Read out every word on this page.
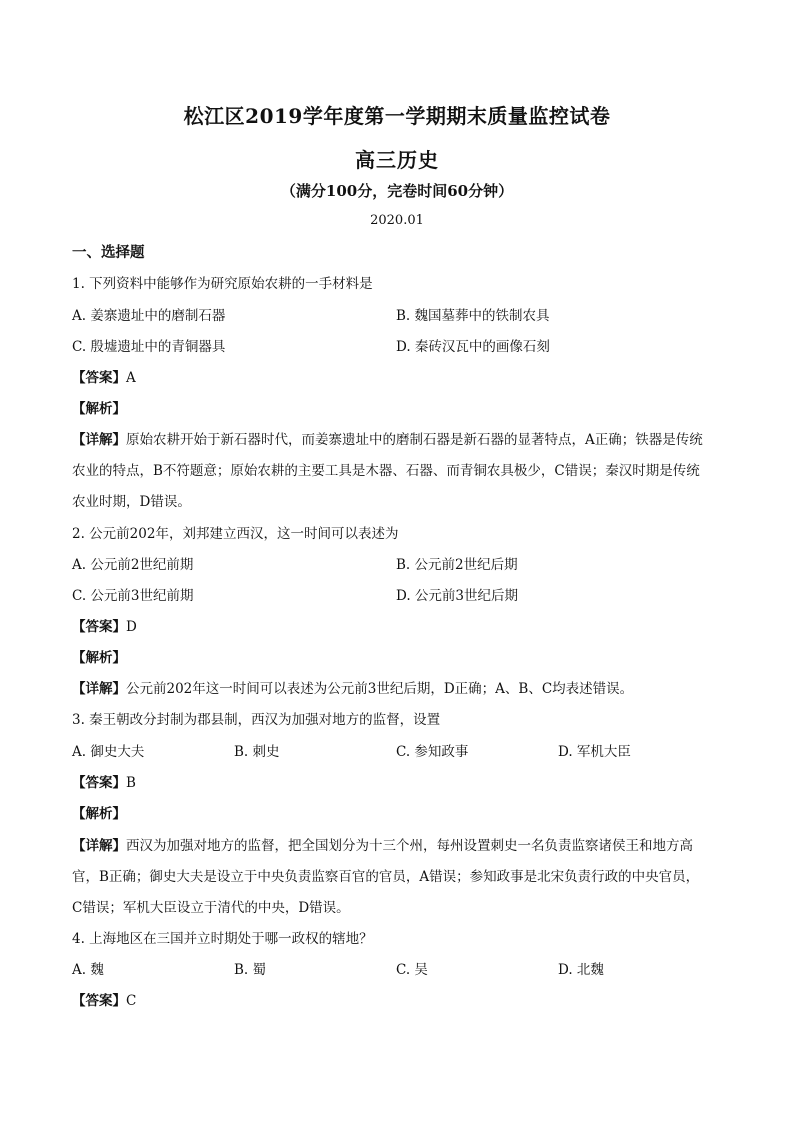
松江区2019学年度第一学期期末质量监控试卷
高三历史
（满分100分，完卷时间60分钟）
2020.01
一、选择题
1. 下列资料中能够作为研究原始农耕的一手材料是
A. 姜寨遗址中的磨制石器	B. 魏国墓葬中的铁制农具
C. 殷墟遗址中的青铜器具	D. 秦砖汉瓦中的画像石刻
【答案】A
【解析】
【详解】原始农耕开始于新石器时代，而姜寨遗址中的磨制石器是新石器的显著特点，A正确；铁器是传统
农业的特点，B不符题意；原始农耕的主要工具是木器、石器、而青铜农具极少，C错误；秦汉时期是传统
农业时期，D错误。
2. 公元前202年，刘邦建立西汉，这一时间可以表述为
A. 公元前2世纪前期	B. 公元前2世纪后期
C. 公元前3世纪前期	D. 公元前3世纪后期
【答案】D
【解析】
【详解】公元前202年这一时间可以表述为公元前3世纪后期，D正确；A、B、C均表述错误。
3. 秦王朝改分封制为郡县制，西汉为加强对地方的监督，设置
A. 御史大夫	B. 刺史	C. 参知政事	D. 军机大臣
【答案】B
【解析】
【详解】西汉为加强对地方的监督，把全国划分为十三个州，每州设置刺史一名负责监察诸侯王和地方高
官，B正确；御史大夫是设立于中央负责监察百官的官员，A错误；参知政事是北宋负责行政的中央官员，
C错误；军机大臣设立于清代的中央，D错误。
4. 上海地区在三国并立时期处于哪一政权的辖地？
A. 魏	B. 蜀	C. 吴	D. 北魏
【答案】C
